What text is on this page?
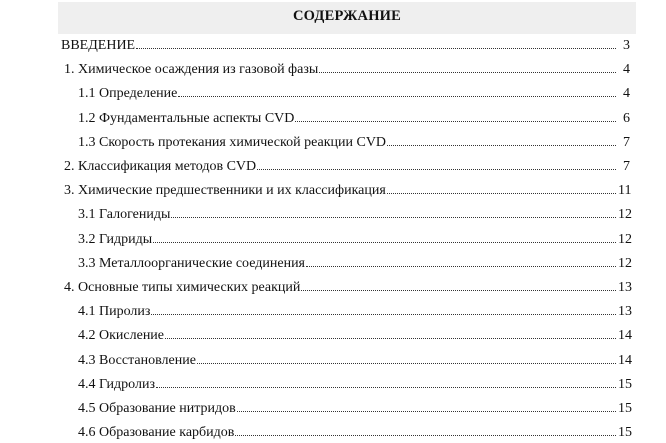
СОДЕРЖАНИЕ
ВВЕДЕНИЕ	3
1. Химическое осаждения из газовой фазы	4
1.1 Определение	4
1.2 Фундаментальные аспекты CVD	6
1.3 Скорость протекания химической реакции CVD	7
2. Классификация методов CVD	7
3. Химические предшественники и их классификация	11
3.1 Галогениды	12
3.2 Гидриды	12
3.3 Металлоорганические соединения	12
4. Основные типы химических реакций	13
4.1 Пиролиз	13
4.2 Окисление	14
4.3 Восстановление	14
4.4 Гидролиз	15
4.5 Образование нитридов	15
4.6 Образование карбидов	15
